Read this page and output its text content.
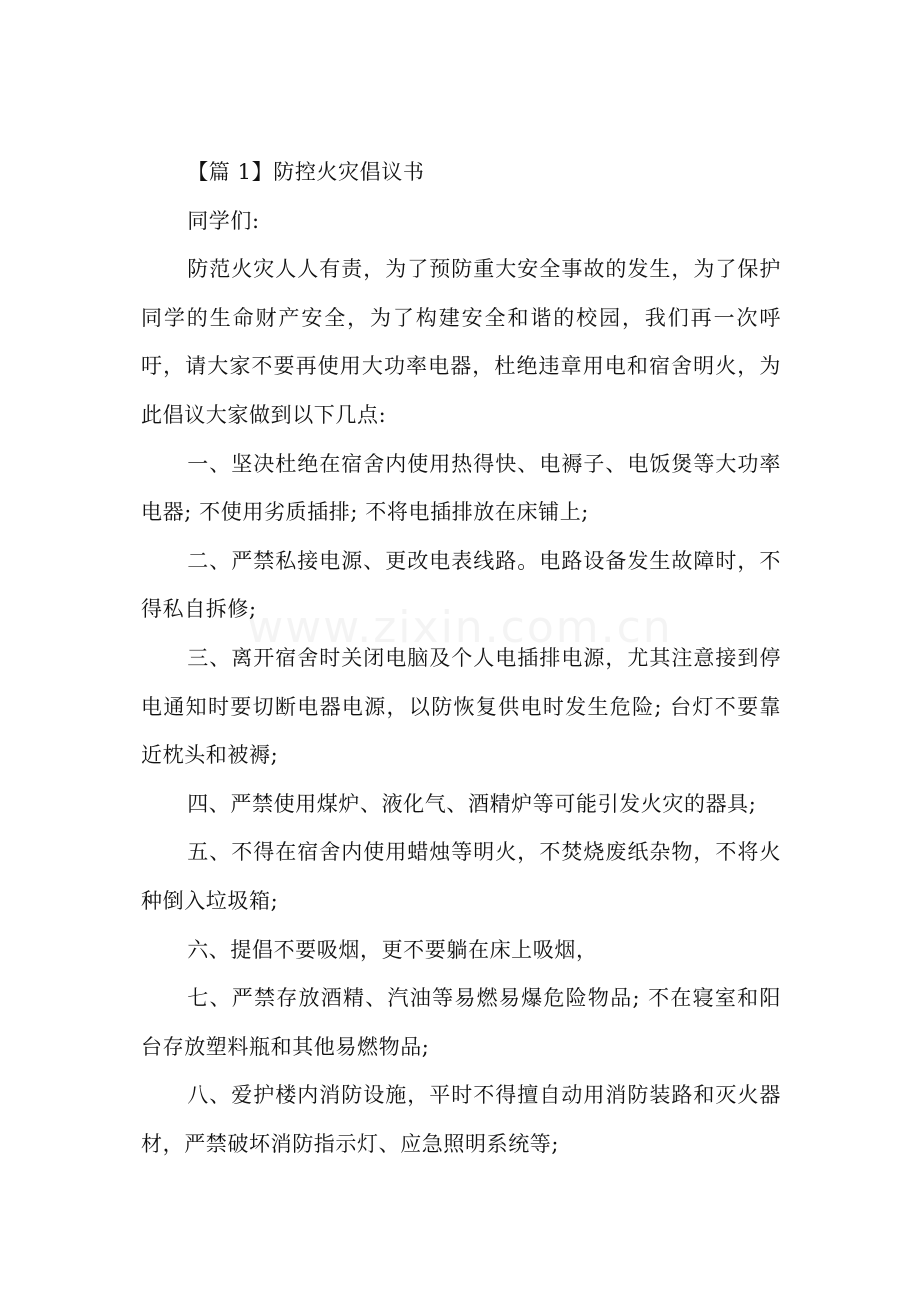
www.zixin.com.cn

【篇 1】防控火灾倡议书

同学们:

防范火灾人人有责，为了预防重大安全事故的发生，为了保护同学的生命财产安全，为了构建安全和谐的校园，我们再一次呼吁，请大家不要再使用大功率电器，杜绝违章用电和宿舍明火，为此倡议大家做到以下几点:

一、坚决杜绝在宿舍内使用热得快、电褥子、电饭煲等大功率电器; 不使用劣质插排; 不将电插排放在床铺上;

二、严禁私接电源、更改电表线路。电路设备发生故障时，不得私自拆修;

三、离开宿舍时关闭电脑及个人电插排电源，尤其注意接到停电通知时要切断电器电源，以防恢复供电时发生危险; 台灯不要靠近枕头和被褥;

四、严禁使用煤炉、液化气、酒精炉等可能引发火灾的器具;

五、不得在宿舍内使用蜡烛等明火，不焚烧废纸杂物，不将火种倒入垃圾箱;

六、提倡不要吸烟，更不要躺在床上吸烟，

七、严禁存放酒精、汽油等易燃易爆危险物品; 不在寝室和阳台存放塑料瓶和其他易燃物品;

八、爱护楼内消防设施，平时不得擅自动用消防装路和灭火器材，严禁破坏消防指示灯、应急照明系统等;
